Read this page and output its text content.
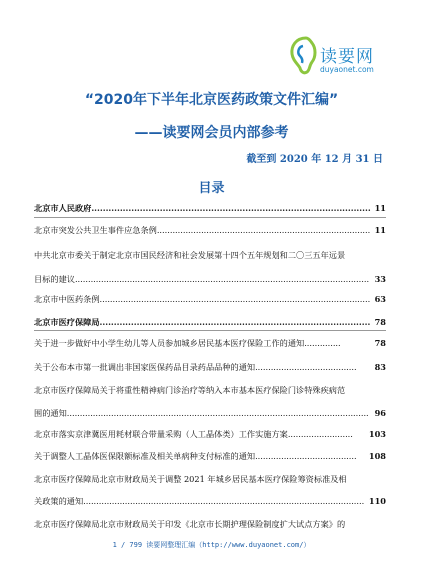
读要网
duyaonet.com
“2020年下半年北京医药政策文件汇编”
——读要网会员内部参考
截至到 2020 年 12 月 31 日
目录
北京市人民政府.................................................................................................. 11
北京市突发公共卫生事件应急条例.................................................................................. 11
中共北京市委关于制定北京市国民经济和社会发展第十四个五年规划和二〇三五年远景
目标的建议................................................................................................................. 33
北京市中医药条例........................................................................................................ 63
北京市医疗保障局............................................................................................... 78
关于进一步做好中小学生幼儿等人员参加城乡居民基本医疗保险工作的通知..............	78
关于公布本市第一批调出非国家医保药品目录药品品种的通知....................................... 83
北京市医疗保障局关于将重性精神病门诊治疗等纳入本市基本医疗保险门诊特殊疾病范
围的通知.................................................................................................................... 96
北京市落实京津冀医用耗材联合带量采购（人工晶体类）工作实施方案......................... 103
关于调整人工晶体医保限额标准及相关单病种支付标准的通知....................................... 108
北京市医疗保障局北京市财政局关于调整 2021 年城乡居民基本医疗保险筹资标准及相
关政策的通知............................................................................................................ 110
北京市医疗保障局北京市财政局关于印发《北京市长期护理保险制度扩大试点方案》的
1 / 799 读要网整理汇编（http://www.duyaonet.com/）
